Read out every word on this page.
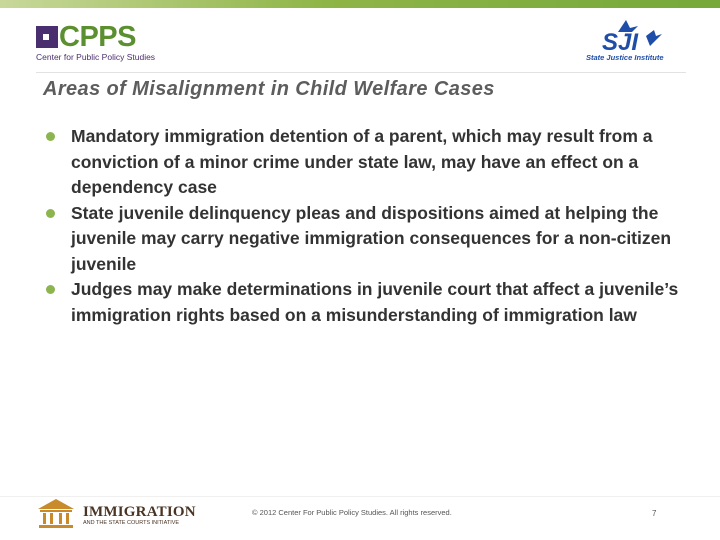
CPPS
Center for Public Policy Studies
SJI
State Justice Institute
Areas of Misalignment in Child Welfare Cases
Mandatory immigration detention of a parent, which may result from a conviction of a minor crime under state law, may have an effect on a dependency case
State juvenile delinquency pleas and dispositions aimed at helping the juvenile may carry negative immigration consequences for a non-citizen juvenile
Judges may make determinations in juvenile court that affect a juvenile’s immigration rights based on a misunderstanding of immigration law
IMMIGRATION
AND THE STATE COURTS INITIATIVE
© 2012 Center For Public Policy Studies. All rights reserved.	7
